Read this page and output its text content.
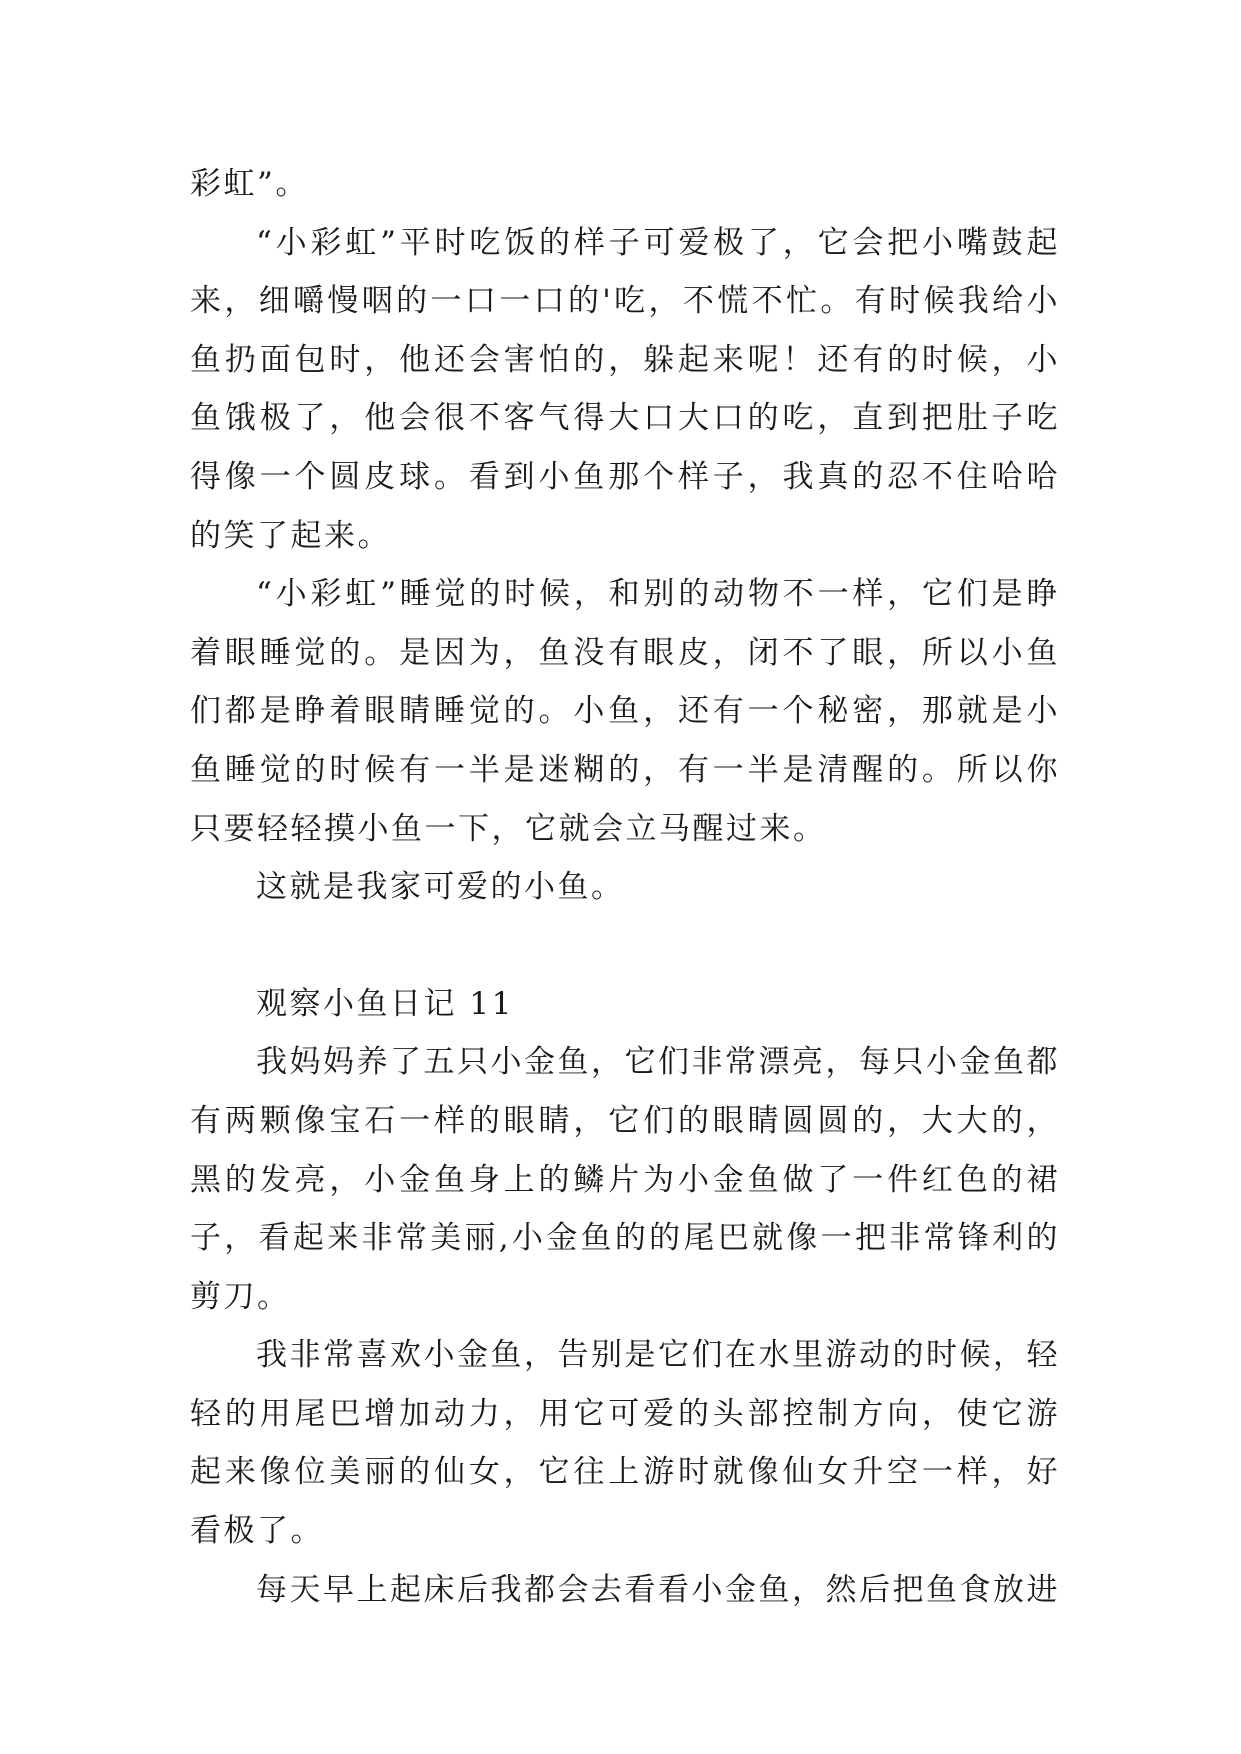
彩虹”。

“小彩虹”平时吃饭的样子可爱极了，它会把小嘴鼓起来，细嚼慢咽的一口一口的'吃，不慌不忙。有时候我给小鱼扔面包时，他还会害怕的，躲起来呢！还有的时候，小鱼饿极了，他会很不客气得大口大口的吃，直到把肚子吃得像一个圆皮球。看到小鱼那个样子，我真的忍不住哈哈的笑了起来。

“小彩虹”睡觉的时候，和别的动物不一样，它们是睁着眼睡觉的。是因为，鱼没有眼皮，闭不了眼，所以小鱼们都是睁着眼睛睡觉的。小鱼，还有一个秘密，那就是小鱼睡觉的时候有一半是迷糊的，有一半是清醒的。所以你只要轻轻摸小鱼一下，它就会立马醒过来。

这就是我家可爱的小鱼。

观察小鱼日记 11

我妈妈养了五只小金鱼，它们非常漂亮，每只小金鱼都有两颗像宝石一样的眼睛，它们的眼睛圆圆的，大大的，黑的发亮，小金鱼身上的鳞片为小金鱼做了一件红色的裙子，看起来非常美丽,小金鱼的的尾巴就像一把非常锋利的剪刀。

我非常喜欢小金鱼，告别是它们在水里游动的时候，轻轻的用尾巴增加动力，用它可爱的头部控制方向，使它游起来像位美丽的仙女，它往上游时就像仙女升空一样，好看极了。

每天早上起床后我都会去看看小金鱼，然后把鱼食放进
